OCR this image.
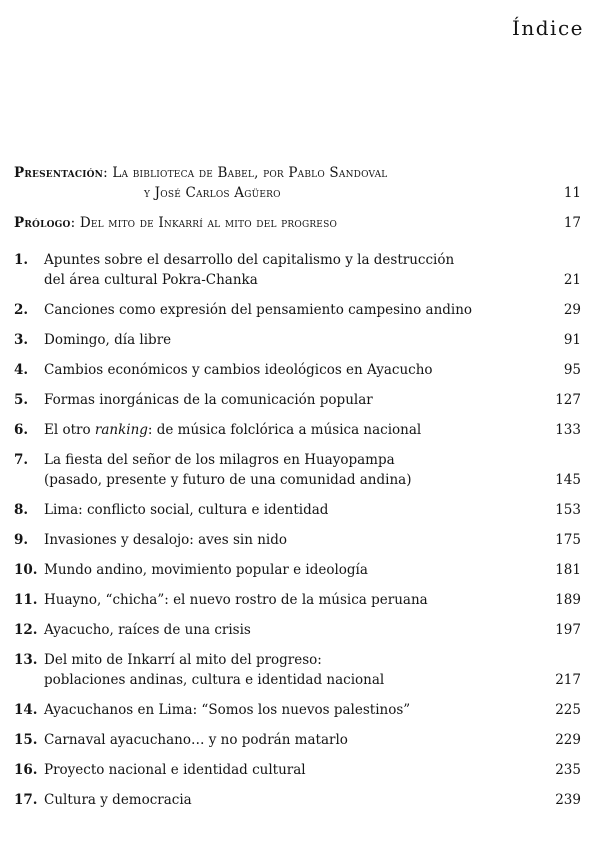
Índice
Presentación: La biblioteca de Babel, por Pablo Sandoval
y José Carlos Agüero	11
Prólogo: Del mito de Inkarrí al mito del progreso	17
1.	Apuntes sobre el desarrollo del capitalismo y la destrucción
del área cultural Pokra-Chanka	21
2.	Canciones como expresión del pensamiento campesino andino	29
3.	Domingo, día libre	91
4.	Cambios económicos y cambios ideológicos en Ayacucho	95
5.	Formas inorgánicas de la comunicación popular	127
6.	El otro ranking: de música folclórica a música nacional	133
7.	La fiesta del señor de los milagros en Huayopampa
(pasado, presente y futuro de una comunidad andina)	145
8.	Lima: conflicto social, cultura e identidad	153
9.	Invasiones y desalojo: aves sin nido	175
10. Mundo andino, movimiento popular e ideología	181
11. Huayno, “chicha”: el nuevo rostro de la música peruana	189
12. Ayacucho, raíces de una crisis	197
13. Del mito de Inkarrí al mito del progreso:
poblaciones andinas, cultura e identidad nacional	217
14. Ayacuchanos en Lima: “Somos los nuevos palestinos”	225
15. Carnaval ayacuchano… y no podrán matarlo	229
16. Proyecto nacional e identidad cultural	235
17. Cultura y democracia	239
